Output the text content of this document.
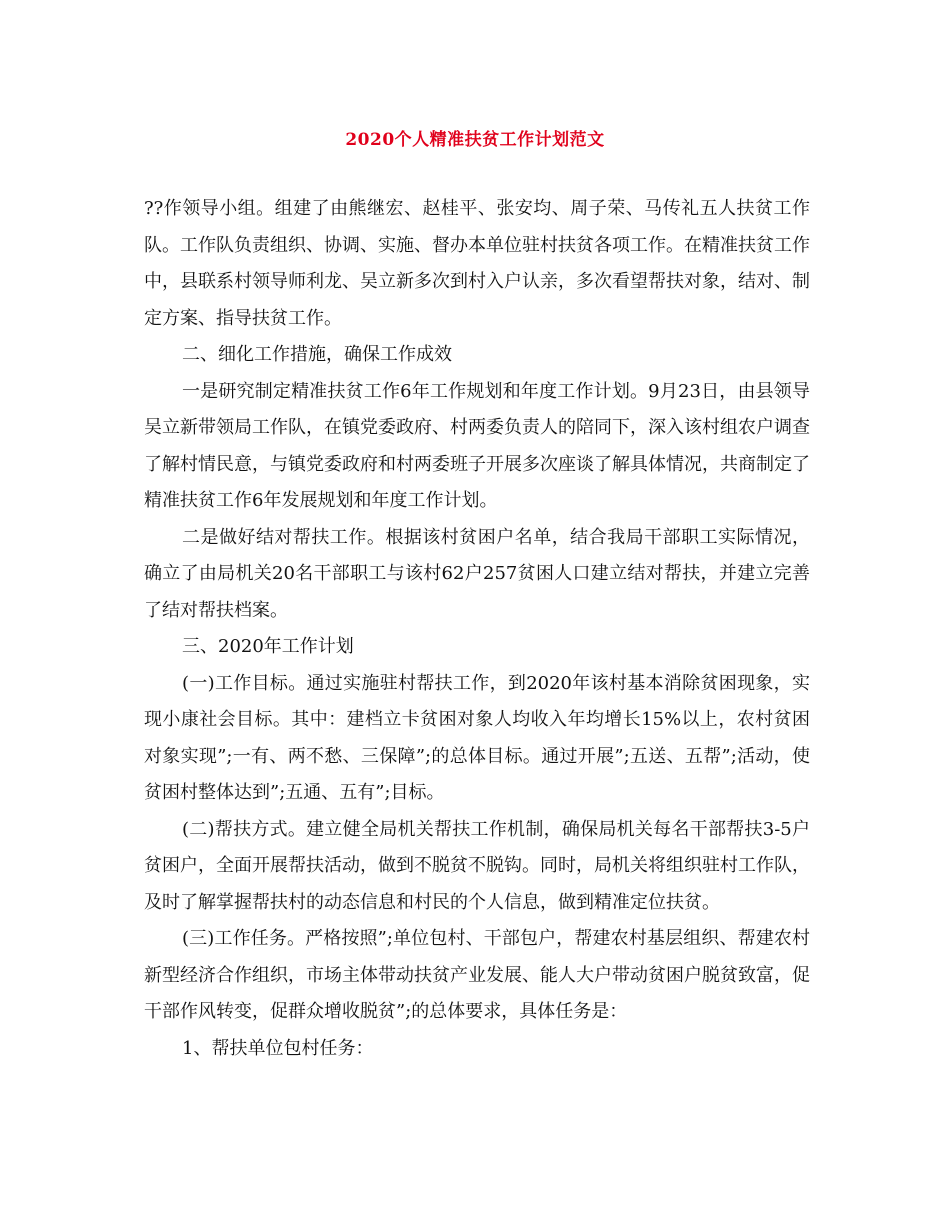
2020个人精准扶贫工作计划范文

??作领导小组。组建了由熊继宏、赵桂平、张安均、周子荣、马传礼五人扶贫工作队。工作队负责组织、协调、实施、督办本单位驻村扶贫各项工作。在精准扶贫工作中，县联系村领导师利龙、吴立新多次到村入户认亲，多次看望帮扶对象，结对、制定方案、指导扶贫工作。

二、细化工作措施，确保工作成效

一是研究制定精准扶贫工作6年工作规划和年度工作计划。9月23日，由县领导吴立新带领局工作队，在镇党委政府、村两委负责人的陪同下，深入该村组农户调查了解村情民意，与镇党委政府和村两委班子开展多次座谈了解具体情况，共商制定了精准扶贫工作6年发展规划和年度工作计划。

二是做好结对帮扶工作。根据该村贫困户名单，结合我局干部职工实际情况，确立了由局机关20名干部职工与该村62户257贫困人口建立结对帮扶，并建立完善了结对帮扶档案。

三、2020年工作计划

(一)工作目标。通过实施驻村帮扶工作，到2020年该村基本消除贫困现象，实现小康社会目标。其中：建档立卡贫困对象人均收入年均增长15%以上，农村贫困对象实现”;一有、两不愁、三保障”;的总体目标。通过开展”;五送、五帮”;活动，使贫困村整体达到”;五通、五有”;目标。

(二)帮扶方式。建立健全局机关帮扶工作机制，确保局机关每名干部帮扶3-5户贫困户，全面开展帮扶活动，做到不脱贫不脱钩。同时，局机关将组织驻村工作队，及时了解掌握帮扶村的动态信息和村民的个人信息，做到精准定位扶贫。

(三)工作任务。严格按照”;单位包村、干部包户，帮建农村基层组织、帮建农村新型经济合作组织，市场主体带动扶贫产业发展、能人大户带动贫困户脱贫致富，促干部作风转变，促群众增收脱贫”;的总体要求，具体任务是：

1、帮扶单位包村任务：
